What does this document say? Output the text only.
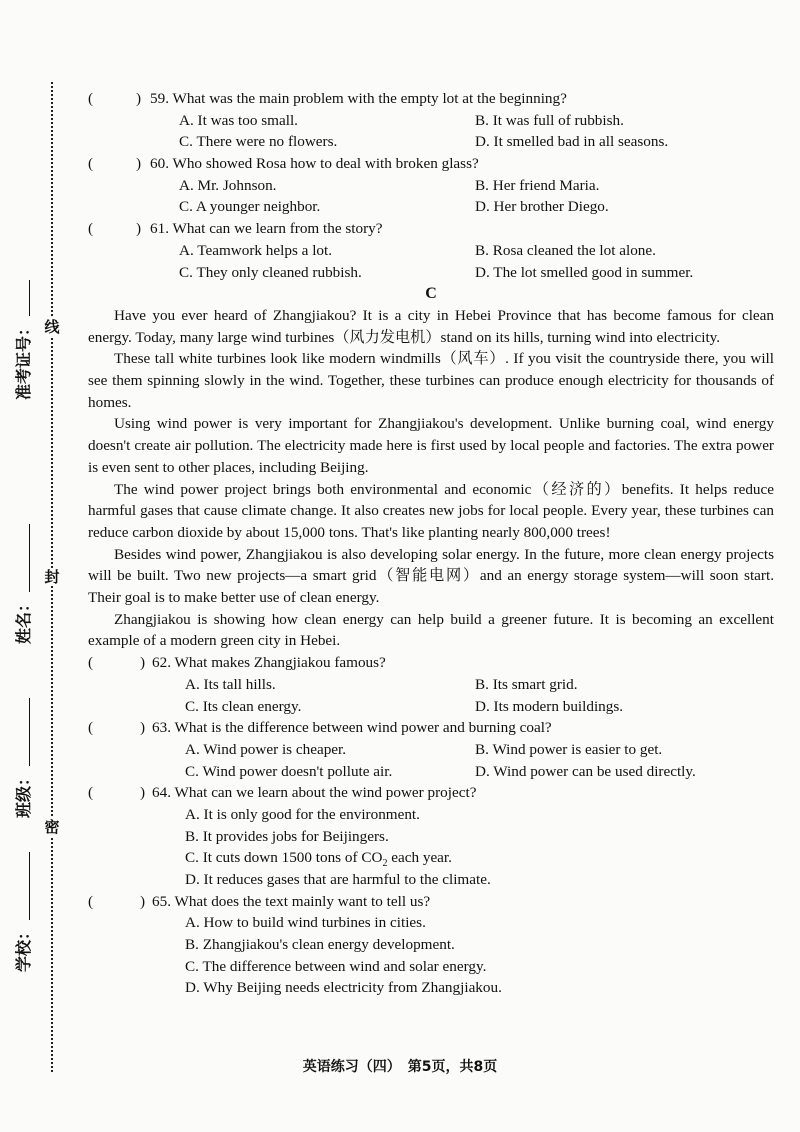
线
封
密
准考证号：
姓名：
班级：
学校：
(	) 59. What was the main problem with the empty lot at the beginning?
A. It was too small.	B. It was full of rubbish.
C. There were no flowers.	D. It smelled bad in all seasons.
(	) 60. Who showed Rosa how to deal with broken glass?
A. Mr. Johnson.	B. Her friend Maria.
C. A younger neighbor.	D. Her brother Diego.
(	) 61. What can we learn from the story?
A. Teamwork helps a lot.	B. Rosa cleaned the lot alone.
C. They only cleaned rubbish.	D. The lot smelled good in summer.
C

Have you ever heard of Zhangjiakou? It is a city in Hebei Province that has become famous for clean energy. Today, many large wind turbines（风力发电机）stand on its hills, turning wind into electricity.

These tall white turbines look like modern windmills（风车）. If you visit the countryside there, you will see them spinning slowly in the wind. Together, these turbines can produce enough electricity for thousands of homes.

Using wind power is very important for Zhangjiakou's development. Unlike burning coal, wind energy doesn't create air pollution. The electricity made here is first used by local people and factories. The extra power is even sent to other places, including Beijing.

The wind power project brings both environmental and economic（经济的）benefits. It helps reduce harmful gases that cause climate change. It also creates new jobs for local people. Every year, these turbines can reduce carbon dioxide by about 15,000 tons. That's like planting nearly 800,000 trees!

Besides wind power, Zhangjiakou is also developing solar energy. In the future, more clean energy projects will be built. Two new projects—a smart grid（智能电网）and an energy storage system—will soon start. Their goal is to make better use of clean energy.

Zhangjiakou is showing how clean energy can help build a greener future. It is becoming an excellent example of a modern green city in Hebei.

(	) 62. What makes Zhangjiakou famous?
A. Its tall hills.	B. Its smart grid.
C. Its clean energy.	D. Its modern buildings.
(	) 63. What is the difference between wind power and burning coal?
A. Wind power is cheaper.	B. Wind power is easier to get.
C. Wind power doesn't pollute air.	D. Wind power can be used directly.
(	) 64. What can we learn about the wind power project?
A. It is only good for the environment.
B. It provides jobs for Beijingers.
C. It cuts down 1500 tons of $CO_2$ each year.
D. It reduces gases that are harmful to the climate.
(	) 65. What does the text mainly want to tell us?
A. How to build wind turbines in cities.
B. Zhangjiakou's clean energy development.
C. The difference between wind and solar energy.
D. Why Beijing needs electricity from Zhangjiakou.
英语练习（四）　第5页，共8页
